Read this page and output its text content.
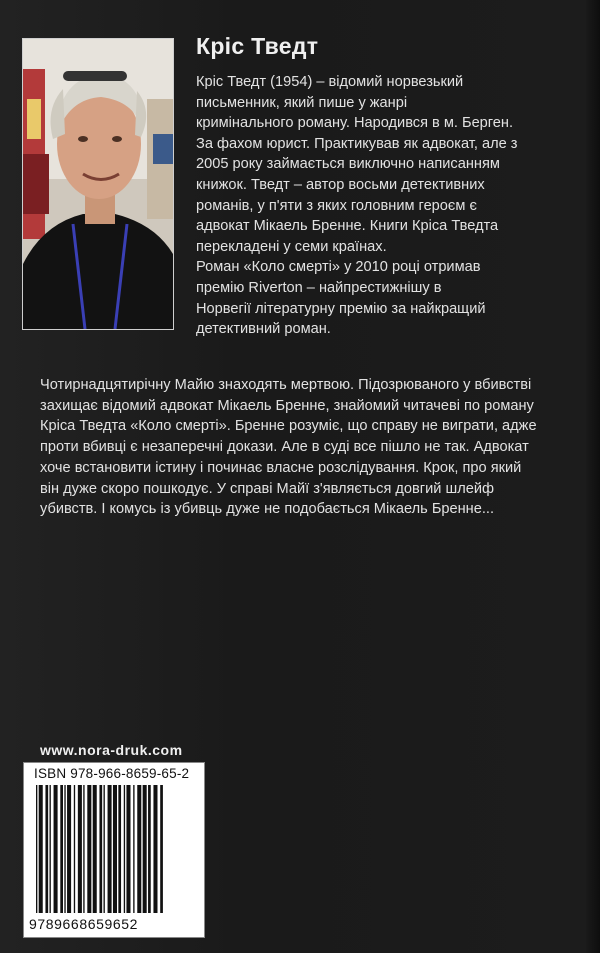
Кріс Тведт

Кріс Тведт (1954) – відомий норвезький

письменник, який пише у жанрі

кримінального роману. Народився в м. Берген.

За фахом юрист. Практикував як адвокат, але з

2005 року займається виключно написанням

книжок. Тведт – автор восьми детективних

романів, у п'яти з яких головним героєм є

адвокат Мікаель Бренне. Книги Кріса Тведта

перекладені у семи країнах.

Роман «Коло смерті» у 2010 році отримав

премію Riverton – найпрестижнішу в

Норвегії літературну премію за найкращий

детективний роман.

Чотирнадцятирічну Майю знаходять мертвою. Підозрюваного у вбивстві
захищає відомий адвокат Мікаель Бренне, знайомий читачеві по роману
Кріса Тведта «Коло смерті». Бренне розуміє, що справу не виграти, адже
проти вбивці є незаперечні докази. Але в суді все пішло не так. Адвокат
хоче встановити істину і починає власне розслідування. Крок, про який
він дуже скоро пошкодує. У справі Майї з'являється довгий шлейф
убивств. І комусь із убивць дуже не подобається Мікаель Бренне...
www.nora-druk.com
ISBN 978-966-8659-65-2
9789668659652
